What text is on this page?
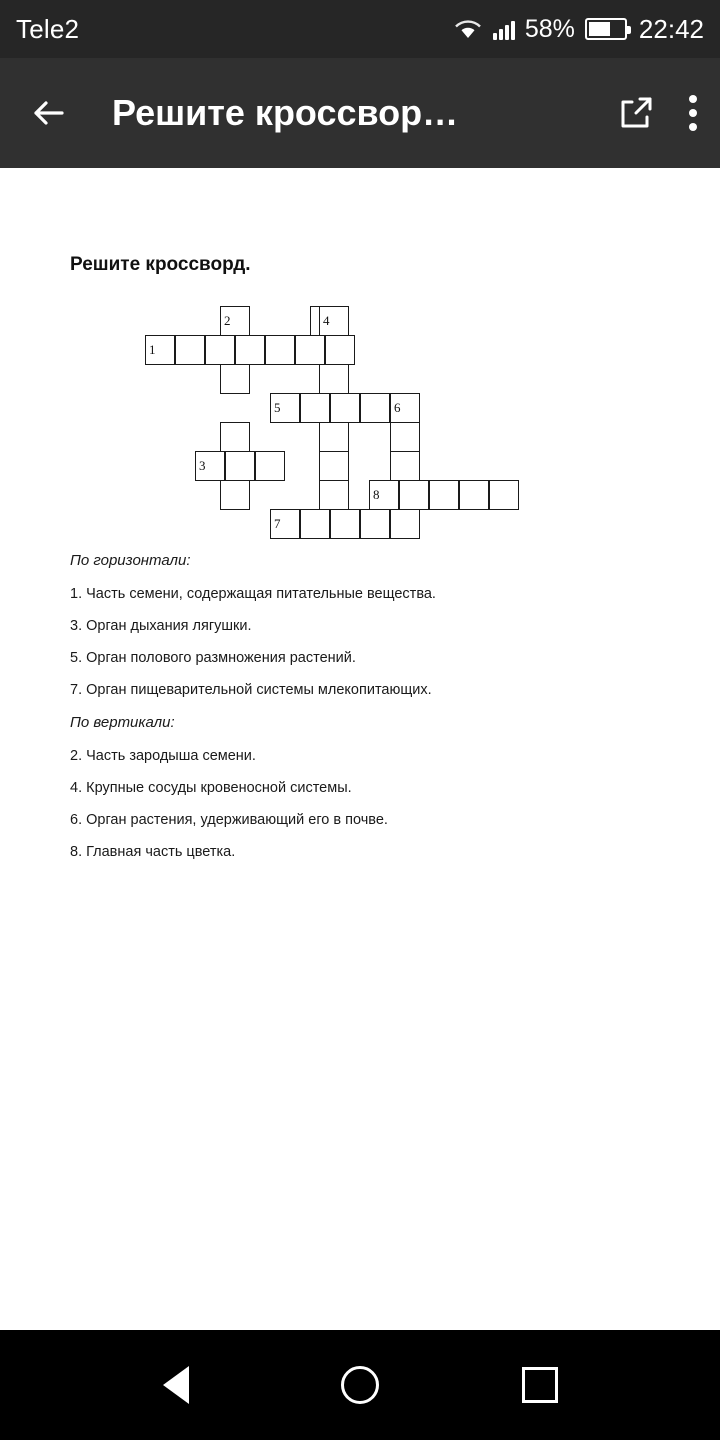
Tele2	58% 22:42
Решите кроссвор…
Решите кроссворд.
2	4
1
5	6
3
8
7
По горизонтали:
1. Часть семени, содержащая питательные вещества.
3. Орган дыхания лягушки.
5. Орган полового размножения растений.
7. Орган пищеварительной системы млекопитающих.
По вертикали:
2. Часть зародыша семени.
4. Крупные сосуды кровеносной системы.
6. Орган растения, удерживающий его в почве.
8. Главная часть цветка.
